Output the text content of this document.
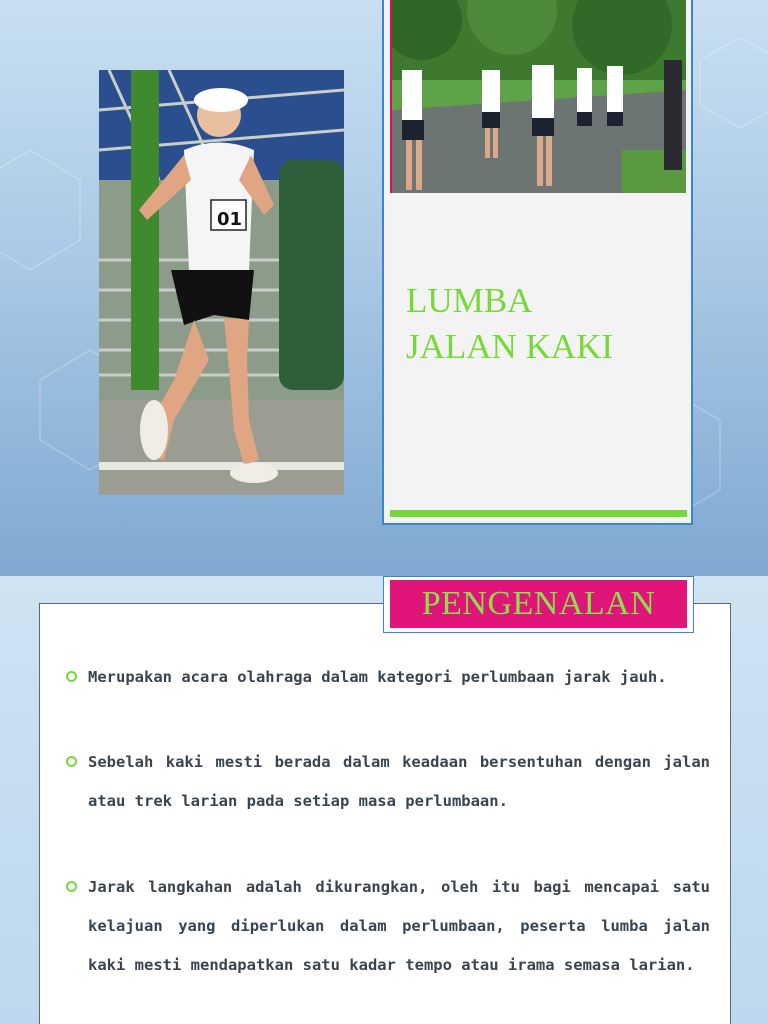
01
LUMBA
JALAN KAKI
PENGENALAN
Merupakan acara olahraga dalam kategori perlumbaan jarak jauh.
Sebelah kaki mesti berada dalam keadaan bersentuhan dengan jalan atau trek larian pada setiap masa perlumbaan.
Jarak langkahan adalah dikurangkan, oleh itu bagi mencapai satu kelajuan yang diperlukan dalam perlumbaan, peserta lumba jalan kaki mesti mendapatkan satu kadar tempo atau irama semasa larian.
